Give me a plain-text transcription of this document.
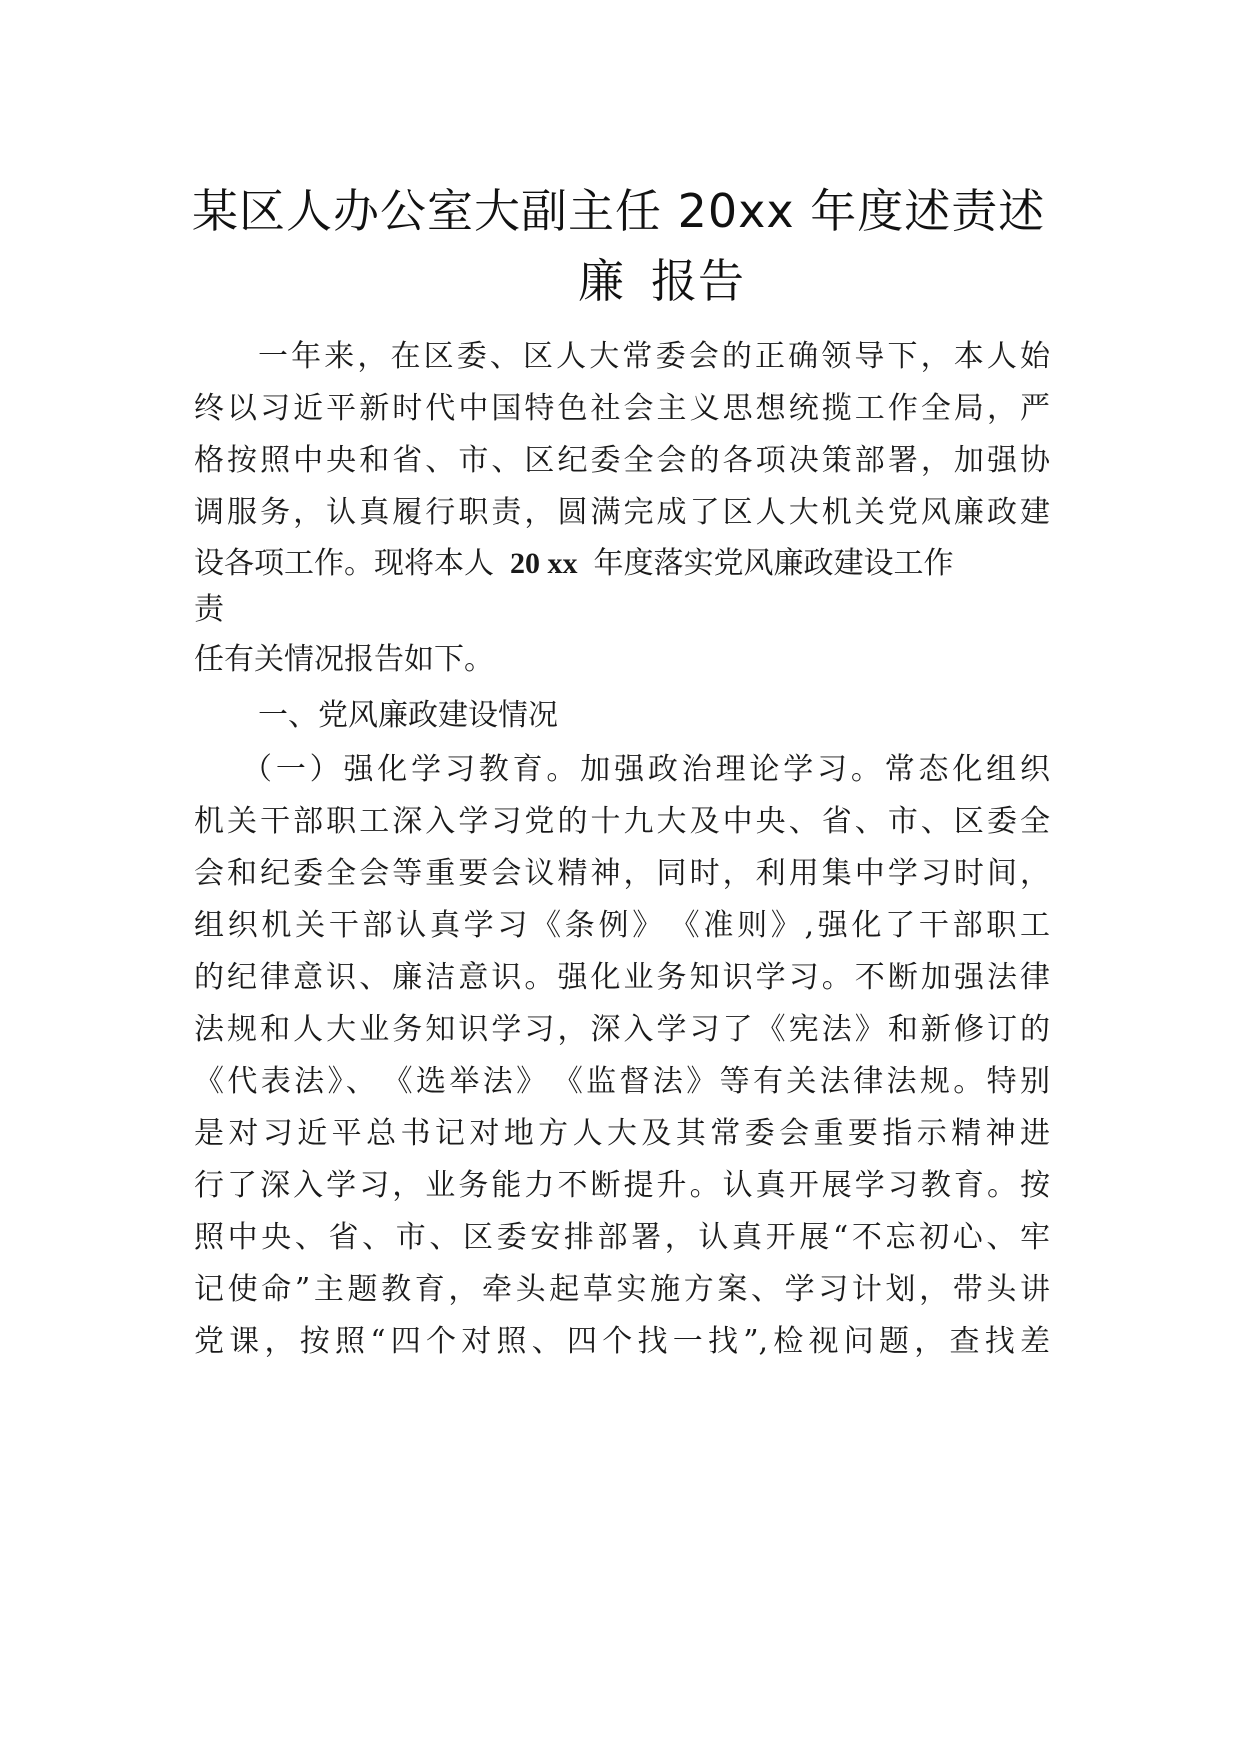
某区人办公室大副主任 20xx 年度述责述
廉 报告
一年来，在区委、区人大常委会的正确领导下，本人始
终以习近平新时代中国特色社会主义思想统揽工作全局，严
格按照中央和省、市、区纪委全会的各项决策部署，加强协
调服务，认真履行职责，圆满完成了区人大机关党风廉政建
设各项工作。现将本人 20 xx 年度落实党风廉政建设工作
责
任有关情况报告如下。
一、党风廉政建设情况
（一）强化学习教育。加强政治理论学习。常态化组织
机关干部职工深入学习党的十九大及中央、省、市、区委全
会和纪委全会等重要会议精神，同时，利用集中学习时间，
组织机关干部认真学习《条例》　《准则》,强化了干部职工
的纪律意识、廉洁意识。强化业务知识学习。不断加强法律
法规和人大业务知识学习，深入学习了《宪法》和新修订的
《代表法》、　《选举法》　《监督法》等有关法律法规。特别
是对习近平总书记对地方人大及其常委会重要指示精神进
行了深入学习，业务能力不断提升。认真开展学习教育。按
照中央、省、市、区委安排部署，认真开展“不忘初心、牢
记使命”主题教育，牵头起草实施方案、学习计划，带头讲
党课，按照“四个对照、四个找一找”,检视问题，查找差
